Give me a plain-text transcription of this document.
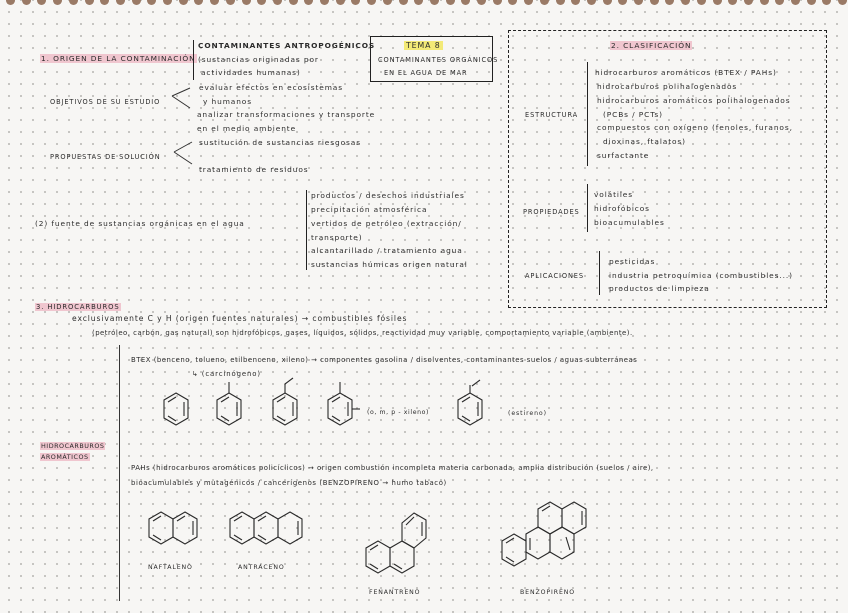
1. ORIGEN DE LA CONTAMINACIÓN
CONTAMINANTES ANTROPOGÉNICOS
(sustancias originadas por
actividades humanas)
OBJETIVOS DE SU ESTUDIO
evaluar efectos en ecosistemas
y humanos
analizar transformaciones y transporte
en el medio ambiente
PROPUESTAS DE SOLUCIÓN
sustitución de sustancias riesgosas
tratamiento de residuos
(2) fuente de sustancias orgánicas en el agua
productos / desechos industriales
precipitación atmosférica
vertidos de petróleo (extracción/
transporte)
alcantarillado / tratamiento agua
sustancias húmicas origen natural
TEMA 8
CONTAMINANTES ORGÁNICOS
EN EL AGUA DE MAR
2. CLASIFICACIÓN
ESTRUCTURA
hidrocarburos aromáticos (BTEX / PAHs)
hidrocarburos polihalogenados
hidrocarburos aromáticos polihalogenados
(PCBs / PCTs)
compuestos con oxígeno (fenoles, furanos,
dioxinas, ftalatos)
surfactante
PROPIEDADES
volátiles
hidrofóbicos
bioacumulables
APLICACIONES
pesticidas
industria petroquímica (combustibles...)
productos de limpieza
3. HIDROCARBUROS
exclusivamente C y H (origen fuentes naturales) → combustibles fósiles
(petróleo, carbón, gas natural) son hidrofóbicos, gases, líquidos, sólidos, reactividad muy variable, comportamiento variable (ambiente).
HIDROCARBUROS
AROMÁTICOS
BTEX (benceno, tolueno, etilbenceno, xileno) → componentes gasolina / disolventes, contaminantes suelos / aguas subterráneas
↳ (carcinógeno)
(o, m, p - xileno)	(estireno)
PAHs (hidrocarburos aromáticos policíclicos) → origen combustión incompleta materia carbonada, amplia distribución (suelos / aire),
bioacumulables y mutagénicos / cancerígenos (BENZOPIRENO → humo tabaco)
NAFTALENO	ANTRACENO
FENANTRENO	BENZOPIRENO
